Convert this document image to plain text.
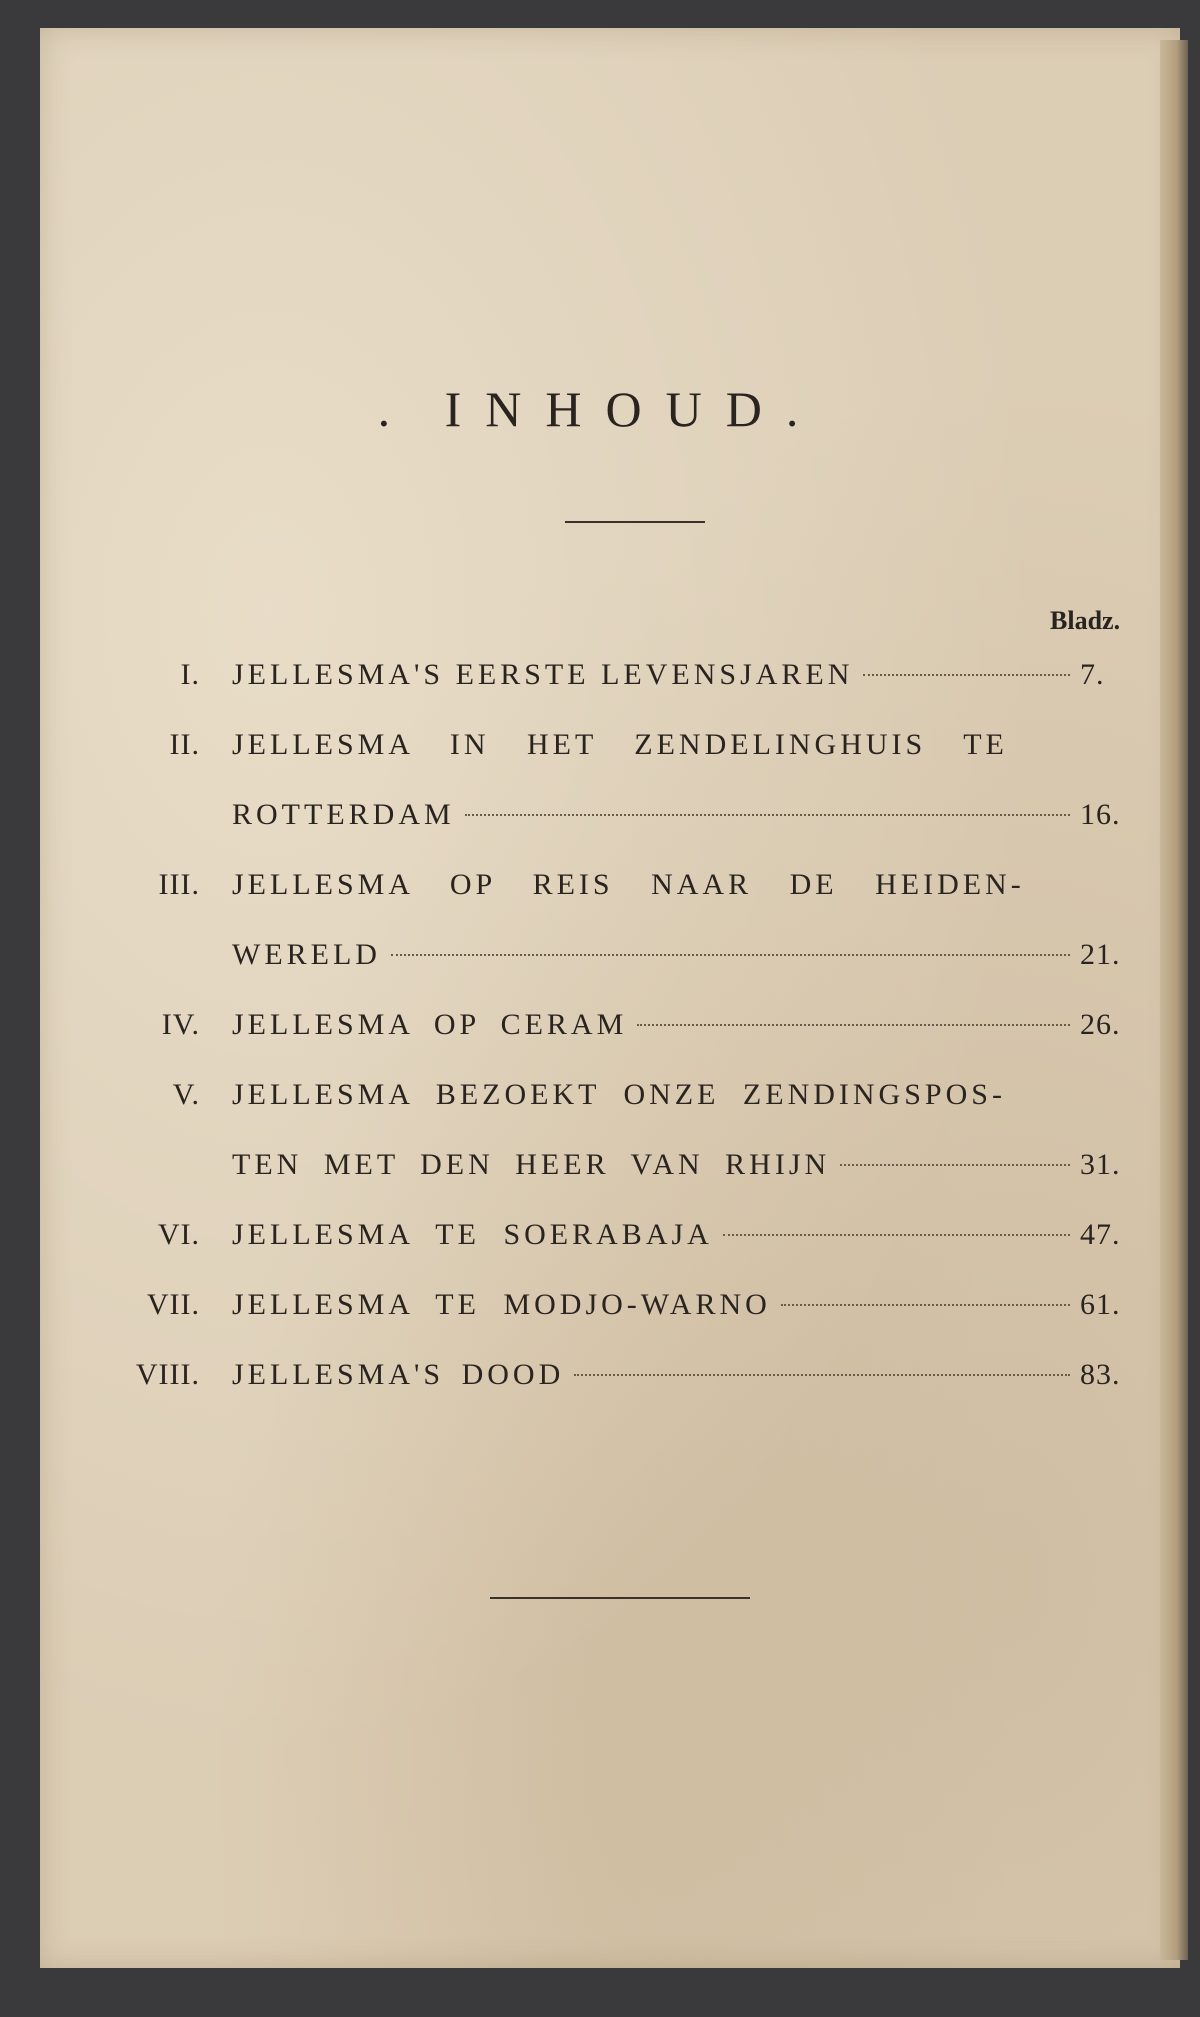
. INHOUD.
Bladz.
I.	JELLESMA'S EERSTE LEVENSJAREN	7.
II.	JELLESMA IN HET ZENDELINGHUIS TE
ROTTERDAM	16.
III.	JELLESMA OP REIS NAAR DE HEIDEN-
WERELD	21.
IV.	JELLESMA OP CERAM	26.
V.	JELLESMA BEZOEKT ONZE ZENDINGSPOS-
TEN MET DEN HEER VAN RHIJN	31.
VI.	JELLESMA TE SOERABAJA	47.
VII.	JELLESMA TE MODJO-WARNO	61.
VIII.	JELLESMA'S DOOD	83.
